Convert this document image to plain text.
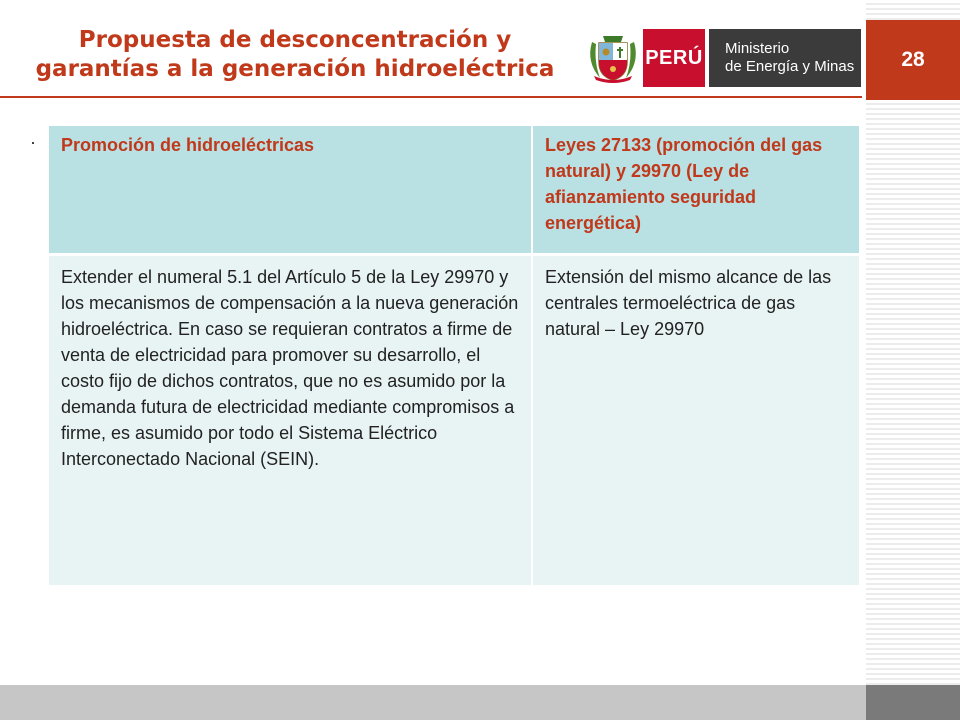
28
Propuesta de desconcentración y
garantías a la generación hidroeléctrica	PERÚ Ministerio
de Energía y Minas
· Promoción de hidroeléctricas	Leyes 27133 (promoción del gas natural) y 29970 (Ley de afianzamiento seguridad energética)
Extender el numeral 5.1 del Artículo 5 de la Ley 29970 y los mecanismos de compensación a la nueva generación hidroeléctrica. En caso se requieran contratos a firme de venta de electricidad para promover su desarrollo, el costo fijo de dichos contratos, que no es asumido por la demanda futura de electricidad mediante compromisos a firme, es asumido por todo el Sistema Eléctrico Interconectado Nacional (SEIN).	Extensión del mismo alcance de las centrales termoeléctrica de gas natural – Ley 29970
